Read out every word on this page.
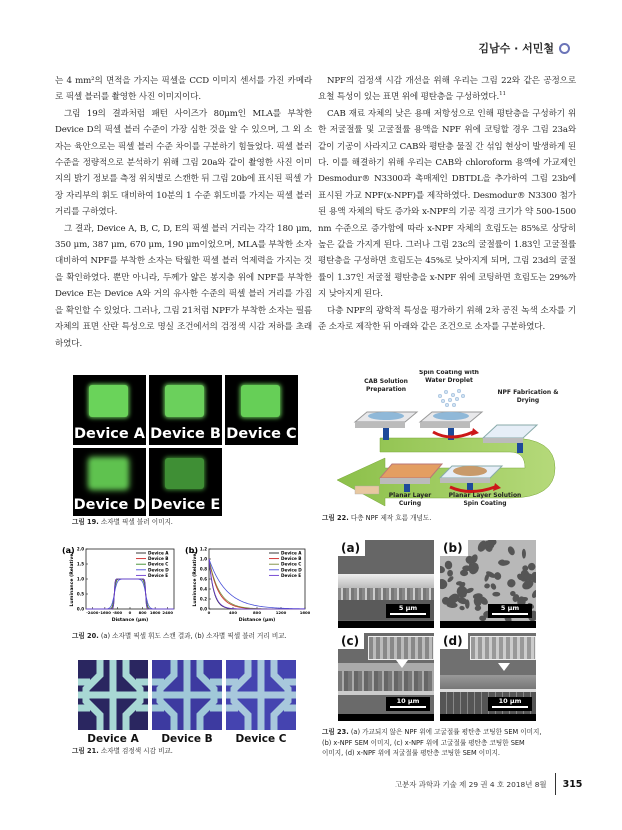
김남수 · 서민철

는 4 mm²의 면적을 가지는 픽셀을 CCD 이미지 센서를 가진 카메라로 픽셀 블러를 촬영한 사진 이미지이다.

그림 19의 결과처럼 패턴 사이즈가 80μm인 MLA를 부착한 Device D의 픽셀 블러 수준이 가장 심한 것을 알 수 있으며, 그 외 소자는 육안으로는 픽셀 블러 수준 차이를 구분하기 힘들었다. 픽셀 블러 수준을 정량적으로 분석하기 위해 그림 20a와 같이 촬영한 사진 이미지의 밝기 정보를 측정 위치별로 스캔한 뒤 그림 20b에 표시된 픽셀 가장 자리부의 휘도 대비하여 10분의 1 수준 휘도비를 가지는 픽셀 블러 거리를 구하였다.

그 결과, Device A, B, C, D, E의 픽셀 블러 거리는 각각 180 μm, 350 μm, 387 μm, 670 μm, 190 μm이었으며, MLA를 부착한 소자 대비하여 NPF를 부착한 소자는 탁월한 픽셀 블러 억제력을 가지는 것을 확인하였다. 뿐만 아니라, 두께가 얇은 봉지층 위에 NPF를 부착한 Device E는 Device A와 거의 유사한 수준의 픽셀 블러 거리를 가짐을 확인할 수 있었다. 그러나, 그림 21처럼 NPF가 부착한 소자는 필름 자체의 표면 산란 특성으로 명실 조건에서의 검정색 시감 저하를 초래하였다.

NPF의 검정색 시감 개선을 위해 우리는 그림 22와 같은 공정으로 요철 특성이 있는 표면 위에 평탄층을 구성하였다.$^{11}$

CAB 재료 자체의 낮은 용매 저항성으로 인해 평탄층을 구성하기 위한 저굴절률 및 고굴절률 용액을 NPF 위에 코팅할 경우 그림 23a와 같이 기공이 사라지고 CAB와 평탄층 물질 간 섞임 현상이 발생하게 된다. 이를 해결하기 위해 우리는 CAB와 chloroform 용액에 가교제인 Desmodur® N3300과 촉매제인 DBTDL을 추가하여 그림 23b에 표시된 가교 NPF(x-NPF)를 제작하였다. Desmodur® N3300 첨가된 용액 자체의 탁도 증가와 x-NPF의 기공 직경 크기가 약 500-1500 nm 수준으로 증가함에 따라 x-NPF 자체의 흐림도는 85%로 상당히 높은 값을 가지게 된다. 그러나 그림 23c의 굴절률이 1.83인 고굴절률 평탄층을 구성하면 흐림도는 45%로 낮아지게 되며, 그림 23d의 굴절률이 1.37인 저굴절 평탄층을 x-NPF 위에 코팅하면 흐림도는 29%까지 낮아지게 된다.

다층 NPF의 광학적 특성을 평가하기 위해 2차 공진 녹색 소자를 기준 소자로 제작한 뒤 아래와 같은 조건으로 소자를 구분하였다.

Device A Device B Device C
Device D Device E
그림 19. 소자별 픽셀 블러 이미지.
(a)
0.0
0.5
1.0
1.5
2.0
-2400 -1600 -800 0 800 1600 2400
Distance (μm)
Luminance (Relative)	Device A
Device B
Device C
Device D
Device E
(b)
0.0
0.2
0.4
0.6
0.8
1.0
1.2
0	400	800	1200	1600
Distance (μm)
Luminance (Relative)	Device A
Device B
Device C
Device D
Device E
그림 20. (a) 소자별 픽셀 휘도 스캔 결과, (b) 소자별 픽셀 블러 거리 비교.
Device A	Device B	Device C
그림 21. 소자별 검정색 시감 비교.
CAB Solution
Preparation
Spin Coating with
Water Droplet
NPF Fabrication &
Drying
Planar Layer Solution
Spin Coating
Planar Layer
Curing
그림 22. 다층 NPF 제작 흐름 개념도.
(a)
5 μm
(b)
5 μm
(c)
10 μm
(d)
10 μm
그림 23. (a) 가교되지 않은 NPF 위에 고굴절률 평탄층 코팅한 SEM 이미지,
(b) x-NPF SEM 이미지, (c) x-NPF 위에 고굴절률 평탄층 코팅한 SEM
이미지, (d) x-NPF 위에 저굴절률 평탄층 코팅한 SEM 이미지.
고분자 과학과 기술 제 29 권 4 호 2018년 8월 315
